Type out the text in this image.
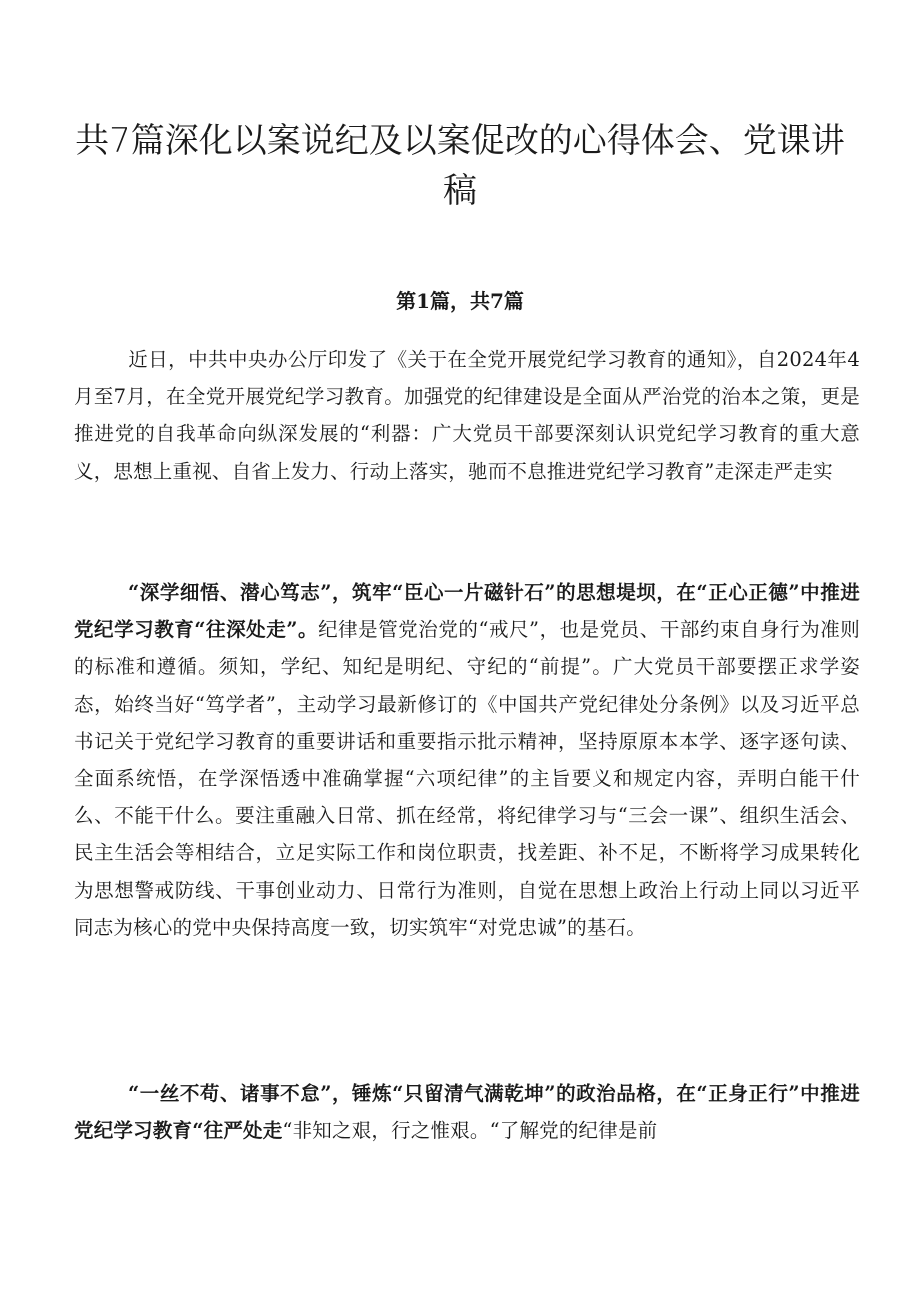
共7篇深化以案说纪及以案促改的心得体会、党课讲稿
第1篇，共7篇
近日，中共中央办公厅印发了《关于在全党开展党纪学习教育的通知》，自2024年4月至7月，在全党开展党纪学习教育。加强党的纪律建设是全面从严治党的治本之策，更是推进党的自我革命向纵深发展的“利器：广大党员干部要深刻认识党纪学习教育的重大意义，思想上重视、自省上发力、行动上落实，驰而不息推进党纪学习教育”走深走严走实
“深学细悟、潜心笃志”，筑牢“臣心一片磁针石”的思想堤坝，在“正心正德”中推进党纪学习教育“往深处走”。纪律是管党治党的“戒尺”，也是党员、干部约束自身行为准则的标准和遵循。须知，学纪、知纪是明纪、守纪的“前提”。广大党员干部要摆正求学姿态，始终当好“笃学者”，主动学习最新修订的《中国共产党纪律处分条例》以及习近平总书记关于党纪学习教育的重要讲话和重要指示批示精神，坚持原原本本学、逐字逐句读、全面系统悟，在学深悟透中准确掌握“六项纪律”的主旨要义和规定内容，弄明白能干什么、不能干什么。要注重融入日常、抓在经常，将纪律学习与“三会一课”、组织生活会、民主生活会等相结合，立足实际工作和岗位职责，找差距、补不足，不断将学习成果转化为思想警戒防线、干事创业动力、日常行为准则，自觉在思想上政治上行动上同以习近平同志为核心的党中央保持高度一致，切实筑牢“对党忠诚”的基石。
“一丝不苟、诸事不怠”，锤炼“只留清气满乾坤”的政治品格，在“正身正行”中推进党纪学习教育“往严处走“非知之艰，行之惟艰。“了解党的纪律是前
